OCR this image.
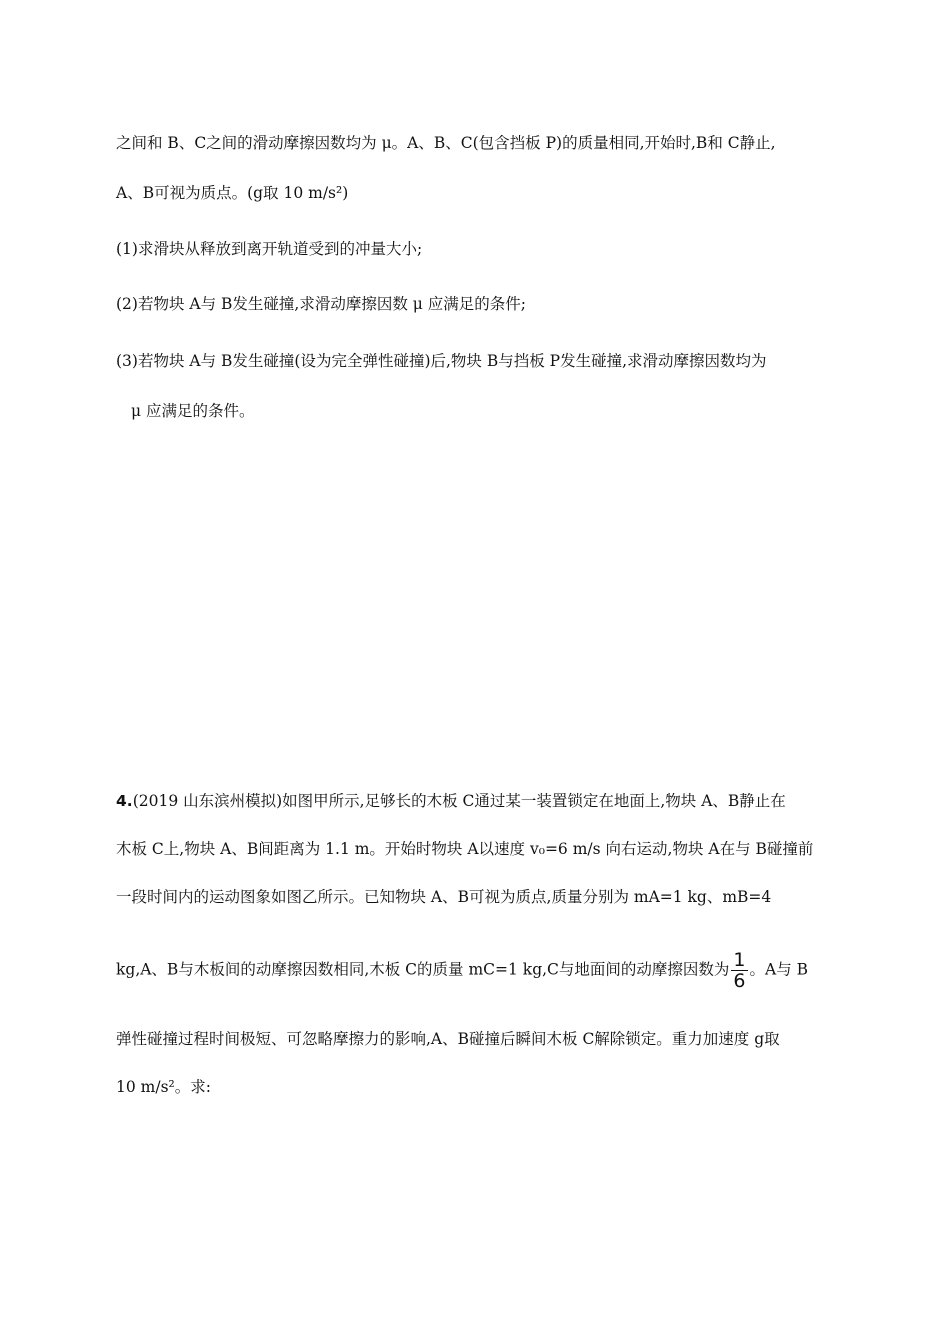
之间和 B、C之间的滑动摩擦因数均为 μ。A、B、C(包含挡板 P)的质量相同,开始时,B和 C静止,
A、B可视为质点。(g取 10 m/s²)
(1)求滑块从释放到离开轨道受到的冲量大小;
(2)若物块 A与 B发生碰撞,求滑动摩擦因数 μ 应满足的条件;
(3)若物块 A与 B发生碰撞(设为完全弹性碰撞)后,物块 B与挡板 P发生碰撞,求滑动摩擦因数均为
μ 应满足的条件。
4.(2019 山东滨州模拟)如图甲所示,足够长的木板 C通过某一装置锁定在地面上,物块 A、B静止在
木板 C上,物块 A、B间距离为 1.1 m。开始时物块 A以速度 v₀=6 m/s 向右运动,物块 A在与 B碰撞前
一段时间内的运动图象如图乙所示。已知物块 A、B可视为质点,质量分别为 mA=1 kg、mB=4
kg,A、B与木板间的动摩擦因数相同,木板 C的质量 mC=1 kg,C与地面间的动摩擦因数为 $\frac{1}{6}$ 。A与 B
弹性碰撞过程时间极短、可忽略摩擦力的影响,A、B碰撞后瞬间木板 C解除锁定。重力加速度 g取
10 m/s²。求:
